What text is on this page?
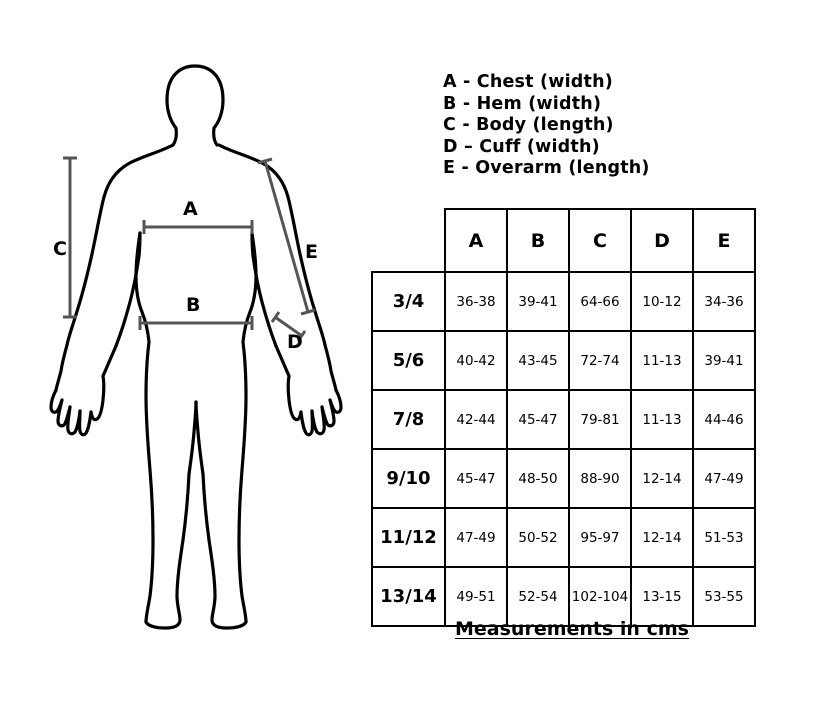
A
B
C
D
E
A - Chest (width)
B - Hem (width)
C - Body (length)
D – Cuff (width)
E - Overarm (length)
	A	B	C	D	E
3/4	36-38	39-41	64-66	10-12	34-36
5/6	40-42	43-45	72-74	11-13	39-41
7/8	42-44	45-47	79-81	11-13	44-46
9/10	45-47	48-50	88-90	12-14	47-49
11/12	47-49	50-52	95-97	12-14	51-53
13/14	49-51	52-54	102-104	13-15	53-55
Measurements in cms
